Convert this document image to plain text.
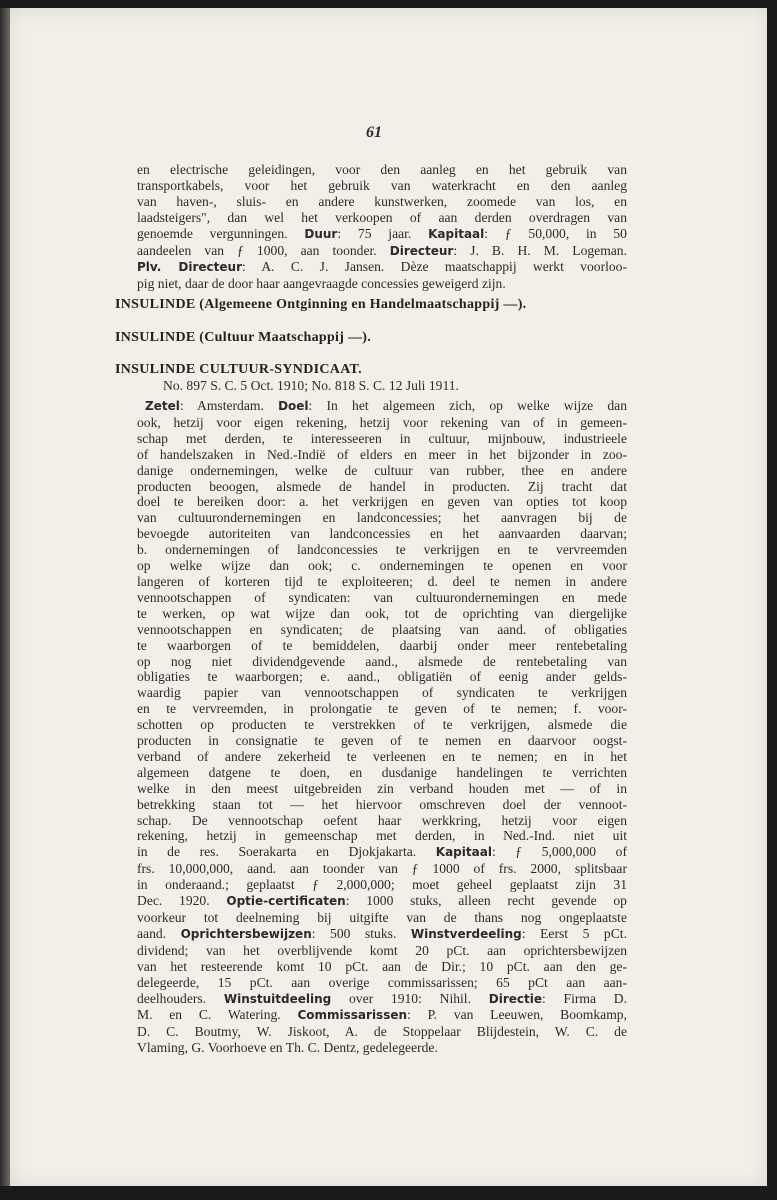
61

en electrische geleidingen, voor den aanleg en het gebruik van

transportkabels, voor het gebruik van waterkracht en den aanleg

van haven-, sluis- en andere kunstwerken, zoomede van los, en

laadsteigers", dan wel het verkoopen of aan derden overdragen van

genoemde vergunningen. Duur: 75 jaar. Kapitaal: ƒ 50,000, in 50

aandeelen van ƒ 1000, aan toonder. Directeur: J. B. H. M. Logeman.

Plv. Directeur: A. C. J. Jansen. Dèze maatschappij werkt voorloo-

pig niet, daar de door haar aangevraagde concessies geweigerd zijn.

INSULINDE (Algemeene Ontginning en Handelmaatschappij —).
INSULINDE (Cultuur Maatschappij —).
INSULINDE CULTUUR-SYNDICAAT.
No. 897 S. C. 5 Oct. 1910; No. 818 S. C. 12 Juli 1911.

Zetel: Amsterdam. Doel: In het algemeen zich, op welke wijze dan

ook, hetzij voor eigen rekening, hetzij voor rekening van of in gemeen-

schap met derden, te interesseeren in cultuur, mijnbouw, industrieele

of handelszaken in Ned.-Indië of elders en meer in het bijzonder in zoo-

danige ondernemingen, welke de cultuur van rubber, thee en andere

producten beoogen, alsmede de handel in producten. Zij tracht dat

doel te bereiken door: a. het verkrijgen en geven van opties tot koop

van cultuurondernemingen en landconcessies; het aanvragen bij de

bevoegde autoriteiten van landconcessies en het aanvaarden daarvan;

b. ondernemingen of landconcessies te verkrijgen en te vervreemden

op welke wijze dan ook; c. ondernemingen te openen en voor

langeren of korteren tijd te exploiteeren; d. deel te nemen in andere

vennootschappen of syndicaten: van cultuurondernemingen en mede

te werken, op wat wijze dan ook, tot de oprichting van diergelijke

vennootschappen en syndicaten; de plaatsing van aand. of obligaties

te waarborgen of te bemiddelen, daarbij onder meer rentebetaling

op nog niet dividendgevende aand., alsmede de rentebetaling van

obligaties te waarborgen; e. aand., obligatiën of eenig ander gelds-

waardig papier van vennootschappen of syndicaten te verkrijgen

en te vervreemden, in prolongatie te geven of te nemen; f. voor-

schotten op producten te verstrekken of te verkrijgen, alsmede die

producten in consignatie te geven of te nemen en daarvoor oogst-

verband of andere zekerheid te verleenen en te nemen; en in het

algemeen datgene te doen, en dusdanige handelingen te verrichten

welke in den meest uitgebreiden zin verband houden met — of in

betrekking staan tot — het hiervoor omschreven doel der vennoot-

schap. De vennootschap oefent haar werkkring, hetzij voor eigen

rekening, hetzij in gemeenschap met derden, in Ned.-Ind. niet uit

in de res. Soerakarta en Djokjakarta. Kapitaal: ƒ 5,000,000 of

frs. 10,000,000, aand. aan toonder van ƒ 1000 of frs. 2000, splitsbaar

in onderaand.; geplaatst ƒ 2,000,000; moet geheel geplaatst zijn 31

Dec. 1920. Optie-certificaten: 1000 stuks, alleen recht gevende op

voorkeur tot deelneming bij uitgifte van de thans nog ongeplaatste

aand. Oprichtersbewijzen: 500 stuks. Winstverdeeling: Eerst 5 pCt.

dividend; van het overblijvende komt 20 pCt. aan oprichtersbewijzen

van het resteerende komt 10 pCt. aan de Dir.; 10 pCt. aan den ge-

delegeerde, 15 pCt. aan overige commissarissen; 65 pCt aan aan-

deelhouders. Winstuitdeeling over 1910: Nihil. Directie: Firma D.

M. en C. Watering. Commissarissen: P. van Leeuwen, Boomkamp,

D. C. Boutmy, W. Jiskoot, A. de Stoppelaar Blijdestein, W. C. de

Vlaming, G. Voorhoeve en Th. C. Dentz, gedelegeerde.
